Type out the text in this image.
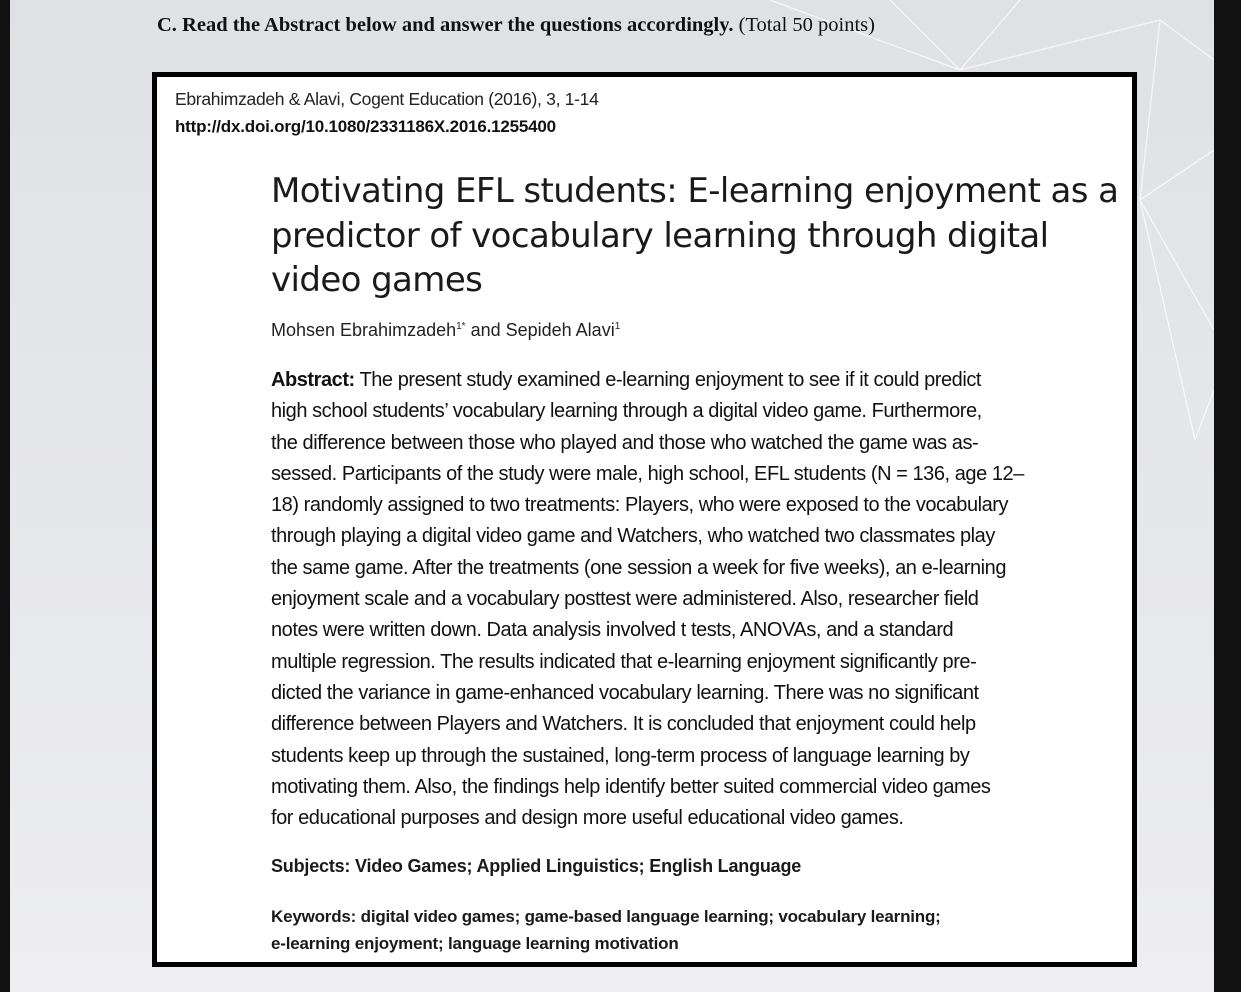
C. Read the Abstract below and answer the questions accordingly. (Total 50 points)
Ebrahimzadeh & Alavi, Cogent Education (2016), 3, 1-14
http://dx.doi.org/10.1080/2331186X.2016.1255400
Motivating EFL students: E-learning enjoyment as a
predictor of vocabulary learning through digital
video games
Mohsen Ebrahimzadeh$^{1*}$ and Sepideh Alavi$^1$
Abstract: The present study examined e-learning enjoyment to see if it could predict
high school students’ vocabulary learning through a digital video game. Furthermore,
the difference between those who played and those who watched the game was as-
sessed. Participants of the study were male, high school, EFL students (N = 136, age 12–
18) randomly assigned to two treatments: Players, who were exposed to the vocabulary
through playing a digital video game and Watchers, who watched two classmates play
the same game. After the treatments (one session a week for five weeks), an e-learning
enjoyment scale and a vocabulary posttest were administered. Also, researcher field
notes were written down. Data analysis involved t tests, ANOVAs, and a standard
multiple regression. The results indicated that e-learning enjoyment significantly pre-
dicted the variance in game-enhanced vocabulary learning. There was no significant
difference between Players and Watchers. It is concluded that enjoyment could help
students keep up through the sustained, long-term process of language learning by
motivating them. Also, the findings help identify better suited commercial video games
for educational purposes and design more useful educational video games.
Subjects: Video Games; Applied Linguistics; English Language
Keywords: digital video games; game-based language learning; vocabulary learning;
e-learning enjoyment; language learning motivation
